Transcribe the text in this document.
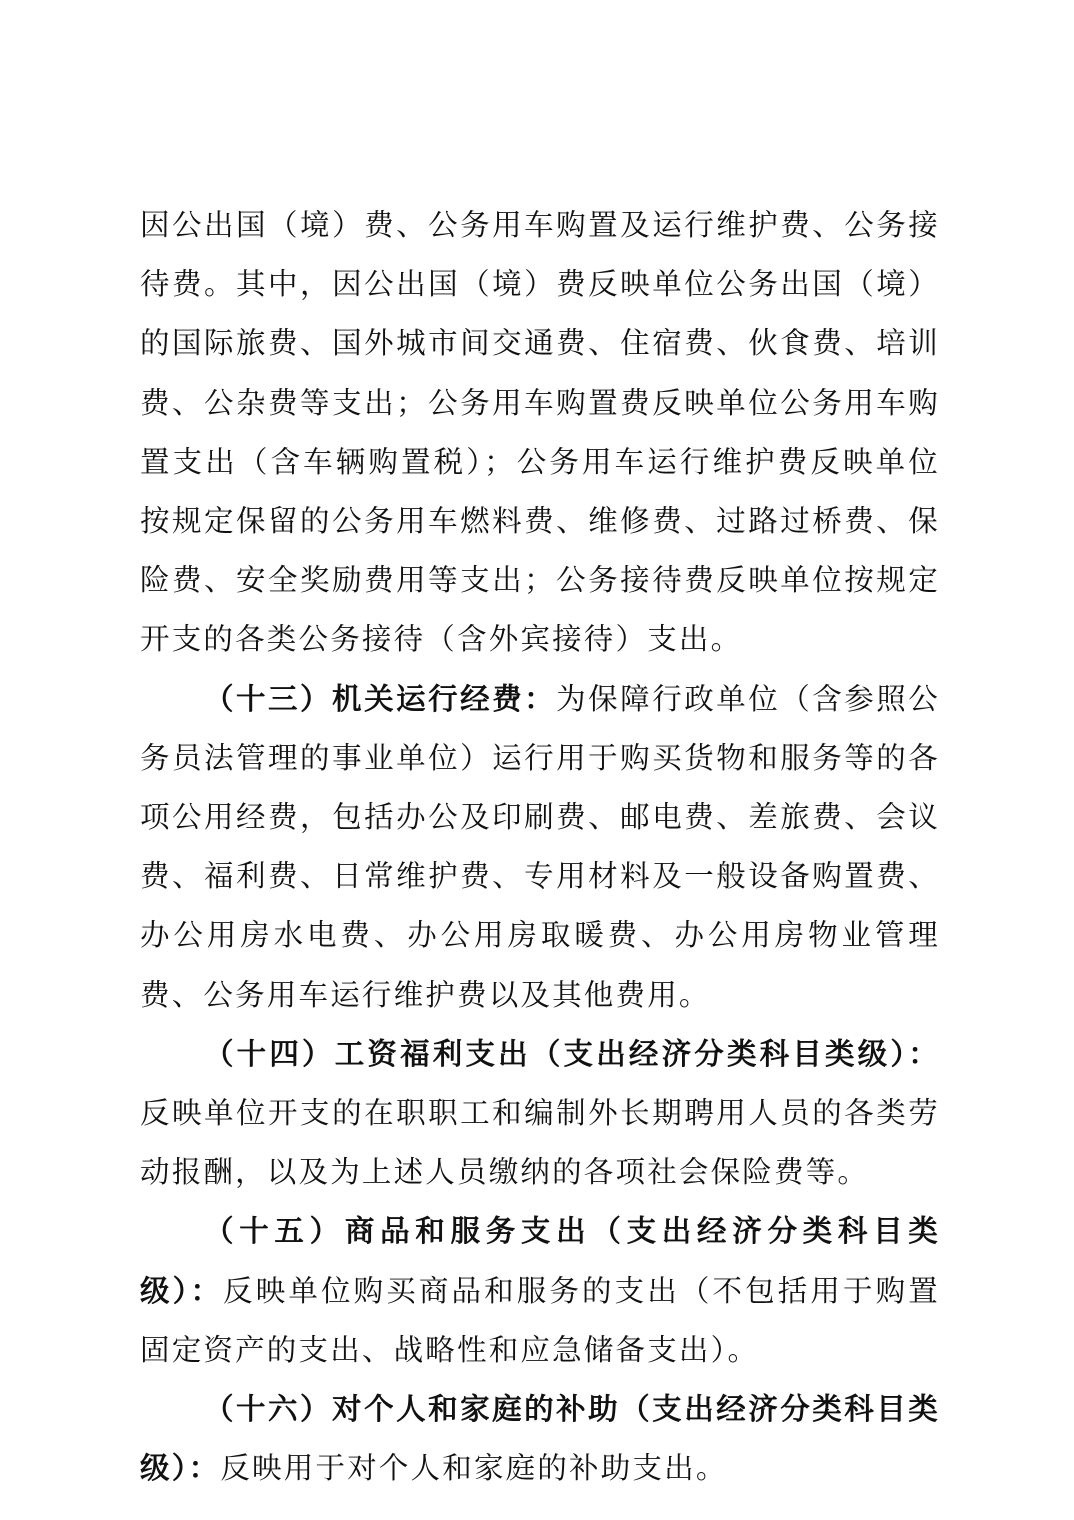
因公出国（境）费、公务用车购置及运行维护费、公务接待费。其中，因公出国（境）费反映单位公务出国（境）的国际旅费、国外城市间交通费、住宿费、伙食费、培训费、公杂费等支出；公务用车购置费反映单位公务用车购置支出（含车辆购置税）；公务用车运行维护费反映单位按规定保留的公务用车燃料费、维修费、过路过桥费、保险费、安全奖励费用等支出；公务接待费反映单位按规定开支的各类公务接待（含外宾接待）支出。

（十三）机关运行经费：为保障行政单位（含参照公务员法管理的事业单位）运行用于购买货物和服务等的各项公用经费，包括办公及印刷费、邮电费、差旅费、会议费、福利费、日常维护费、专用材料及一般设备购置费、办公用房水电费、办公用房取暖费、办公用房物业管理费、公务用车运行维护费以及其他费用。

（十四）工资福利支出（支出经济分类科目类级）：反映单位开支的在职职工和编制外长期聘用人员的各类劳动报酬，以及为上述人员缴纳的各项社会保险费等。

（十五）商品和服务支出（支出经济分类科目类级）：反映单位购买商品和服务的支出（不包括用于购置固定资产的支出、战略性和应急储备支出）。

（十六）对个人和家庭的补助（支出经济分类科目类级）：反映用于对个人和家庭的补助支出。
